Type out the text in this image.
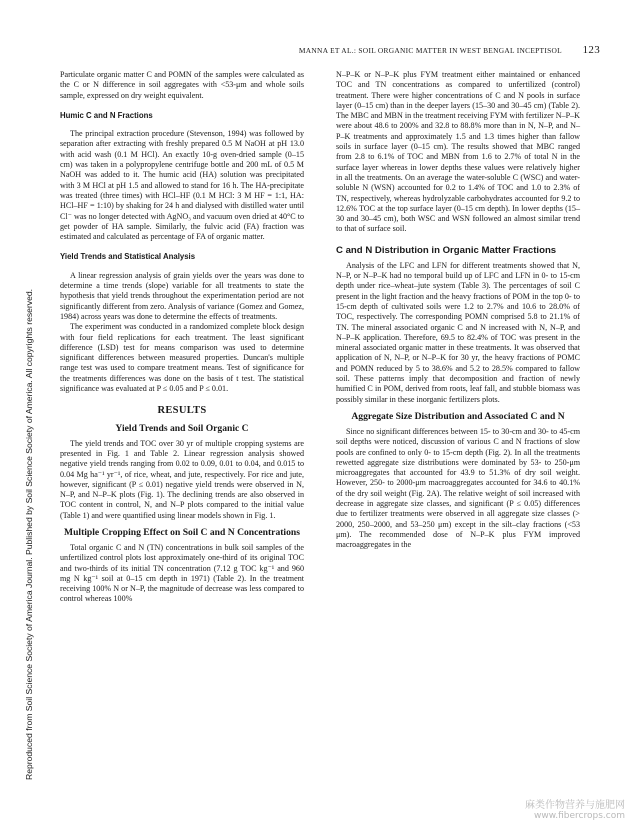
MANNA ET AL.: SOIL ORGANIC MATTER IN WEST BENGAL INCEPTISOL 123
Reproduced from Soil Science Society of America Journal. Published by Soil Science Society of America. All copyrights reserved.

Particulate organic matter C and POMN of the samples were calculated as the C or N difference in soil aggregates with <53-μm and whole soils sample, expressed on dry weight equivalent.

Humic C and N Fractions

The principal extraction procedure (Stevenson, 1994) was followed by separation after extracting with freshly prepared 0.5 M NaOH at pH 13.0 with acid wash (0.1 M HCl). An exactly 10-g oven-dried sample (0–15 cm) was taken in a polypropylene centrifuge bottle and 200 mL of 0.5 M NaOH was added to it. The humic acid (HA) solution was precipitated with 3 M HCl at pH 1.5 and allowed to stand for 16 h. The HA-precipitate was treated (three times) with HCl–HF (0.1 M HCl: 3 M HF = 1:1, HA: HCl–HF = 1:10) by shaking for 24 h and dialysed with distilled water until Cl⁻ was no longer detected with AgNO₃ and vacuum oven dried at 40°C to get powder of HA sample. Similarly, the fulvic acid (FA) fraction was estimated and calculated as percentage of FA of organic matter.

Yield Trends and Statistical Analysis

A linear regression analysis of grain yields over the years was done to determine a time trends (slope) variable for all treatments to state the hypothesis that yield trends throughout the experimentation period are not significantly different from zero. Analysis of variance (Gomez and Gomez, 1984) across years was done to determine the effects of treatments.

The experiment was conducted in a randomized complete block design with four field replications for each treatment. The least significant difference (LSD) test for means comparison was used to determine significant differences between measured properties. Duncan's multiple range test was used to compare treatment means. Test of significance for the treatments differences was done on the basis of t test. The statistical significance was evaluated at P ≤ 0.05 and P ≤ 0.01.

RESULTS
Yield Trends and Soil Organic C

The yield trends and TOC over 30 yr of multiple cropping systems are presented in Fig. 1 and Table 2. Linear regression analysis showed negative yield trends ranging from 0.02 to 0.09, 0.01 to 0.04, and 0.015 to 0.04 Mg ha⁻¹ yr⁻¹, of rice, wheat, and jute, respectively. For rice and jute, however, significant (P ≤ 0.01) negative yield trends were observed in N, N–P, and N–P–K plots (Fig. 1). The declining trends are also observed in TOC content in control, N, and N–P plots compared to the initial value (Table 1) and were quantified using linear models shown in Fig. 1.

Multiple Cropping Effect on Soil C and N Concentrations

Total organic C and N (TN) concentrations in bulk soil samples of the unfertilized control plots lost approximately one-third of its original TOC and two-thirds of its initial TN concentration (7.12 g TOC kg⁻¹ and 960 mg N kg⁻¹ soil at 0–15 cm depth in 1971) (Table 2). In the treatment receiving 100% N or N–P, the magnitude of decrease was less compared to control whereas 100%

N–P–K or N–P–K plus FYM treatment either maintained or enhanced TOC and TN concentrations as compared to unfertilized (control) treatment. There were higher concentrations of C and N pools in surface layer (0–15 cm) than in the deeper layers (15–30 and 30–45 cm) (Table 2). The MBC and MBN in the treatment receiving FYM with fertilizer N–P–K were about 48.6 to 200% and 32.8 to 88.8% more than in N, N–P, and N–P–K treatments and approximately 1.5 and 1.3 times higher than fallow soils in surface layer (0–15 cm). The results showed that MBC ranged from 2.8 to 6.1% of TOC and MBN from 1.6 to 2.7% of total N in the surface layer whereas in lower depths these values were relatively higher in all the treatments. On an average the water-soluble C (WSC) and water-soluble N (WSN) accounted for 0.2 to 1.4% of TOC and 1.0 to 2.3% of TN, respectively, whereas hydrolyzable carbohydrates accounted for 9.2 to 12.6% TOC at the top surface layer (0–15 cm depth). In lower depths (15–30 and 30–45 cm), both WSC and WSN followed an almost similar trend to that of surface soil.

C and N Distribution in Organic Matter Fractions

Analysis of the LFC and LFN for different treatments showed that N, N–P, or N–P–K had no temporal build up of LFC and LFN in 0- to 15-cm depth under rice–wheat–jute system (Table 3). The percentages of soil C present in the light fraction and the heavy fractions of POM in the top 0- to 15-cm depth of cultivated soils were 1.2 to 2.7% and 10.6 to 28.0% of TOC, respectively. The corresponding POMN comprised 5.8 to 21.1% of TN. The mineral associated organic C and N increased with N, N–P, and N–P–K application. Therefore, 69.5 to 82.4% of TOC was present in the mineral associated organic matter in these treatments. It was observed that application of N, N–P, or N–P–K for 30 yr, the heavy fractions of POMC and POMN reduced by 5 to 38.6% and 5.2 to 28.5% compared to fallow soil. These patterns imply that decomposition and fraction of newly humified C in POM, derived from roots, leaf fall, and stubble biomass was possibly similar in these inorganic fertilizers plots.

Aggregate Size Distribution and Associated C and N

Since no significant differences between 15- to 30-cm and 30- to 45-cm soil depths were noticed, discussion of various C and N fractions of slow pools are confined to only 0- to 15-cm depth (Fig. 2). In all the treatments rewetted aggregate size distributions were dominated by 53- to 250-μm microaggregates that accounted for 43.9 to 51.3% of dry soil weight. However, 250- to 2000-μm macroaggregates accounted for 34.6 to 40.1% of the dry soil weight (Fig. 2A). The relative weight of soil increased with decrease in aggregate size classes, and significant (P ≤ 0.05) differences due to fertilizer treatments were observed in all aggregate size classes (> 2000, 250–2000, and 53–250 μm) except in the silt–clay fractions (<53 μm). The recommended dose of N–P–K plus FYM improved macroaggregates in the

麻类作物营养与施肥网
www.fibercrops.com
